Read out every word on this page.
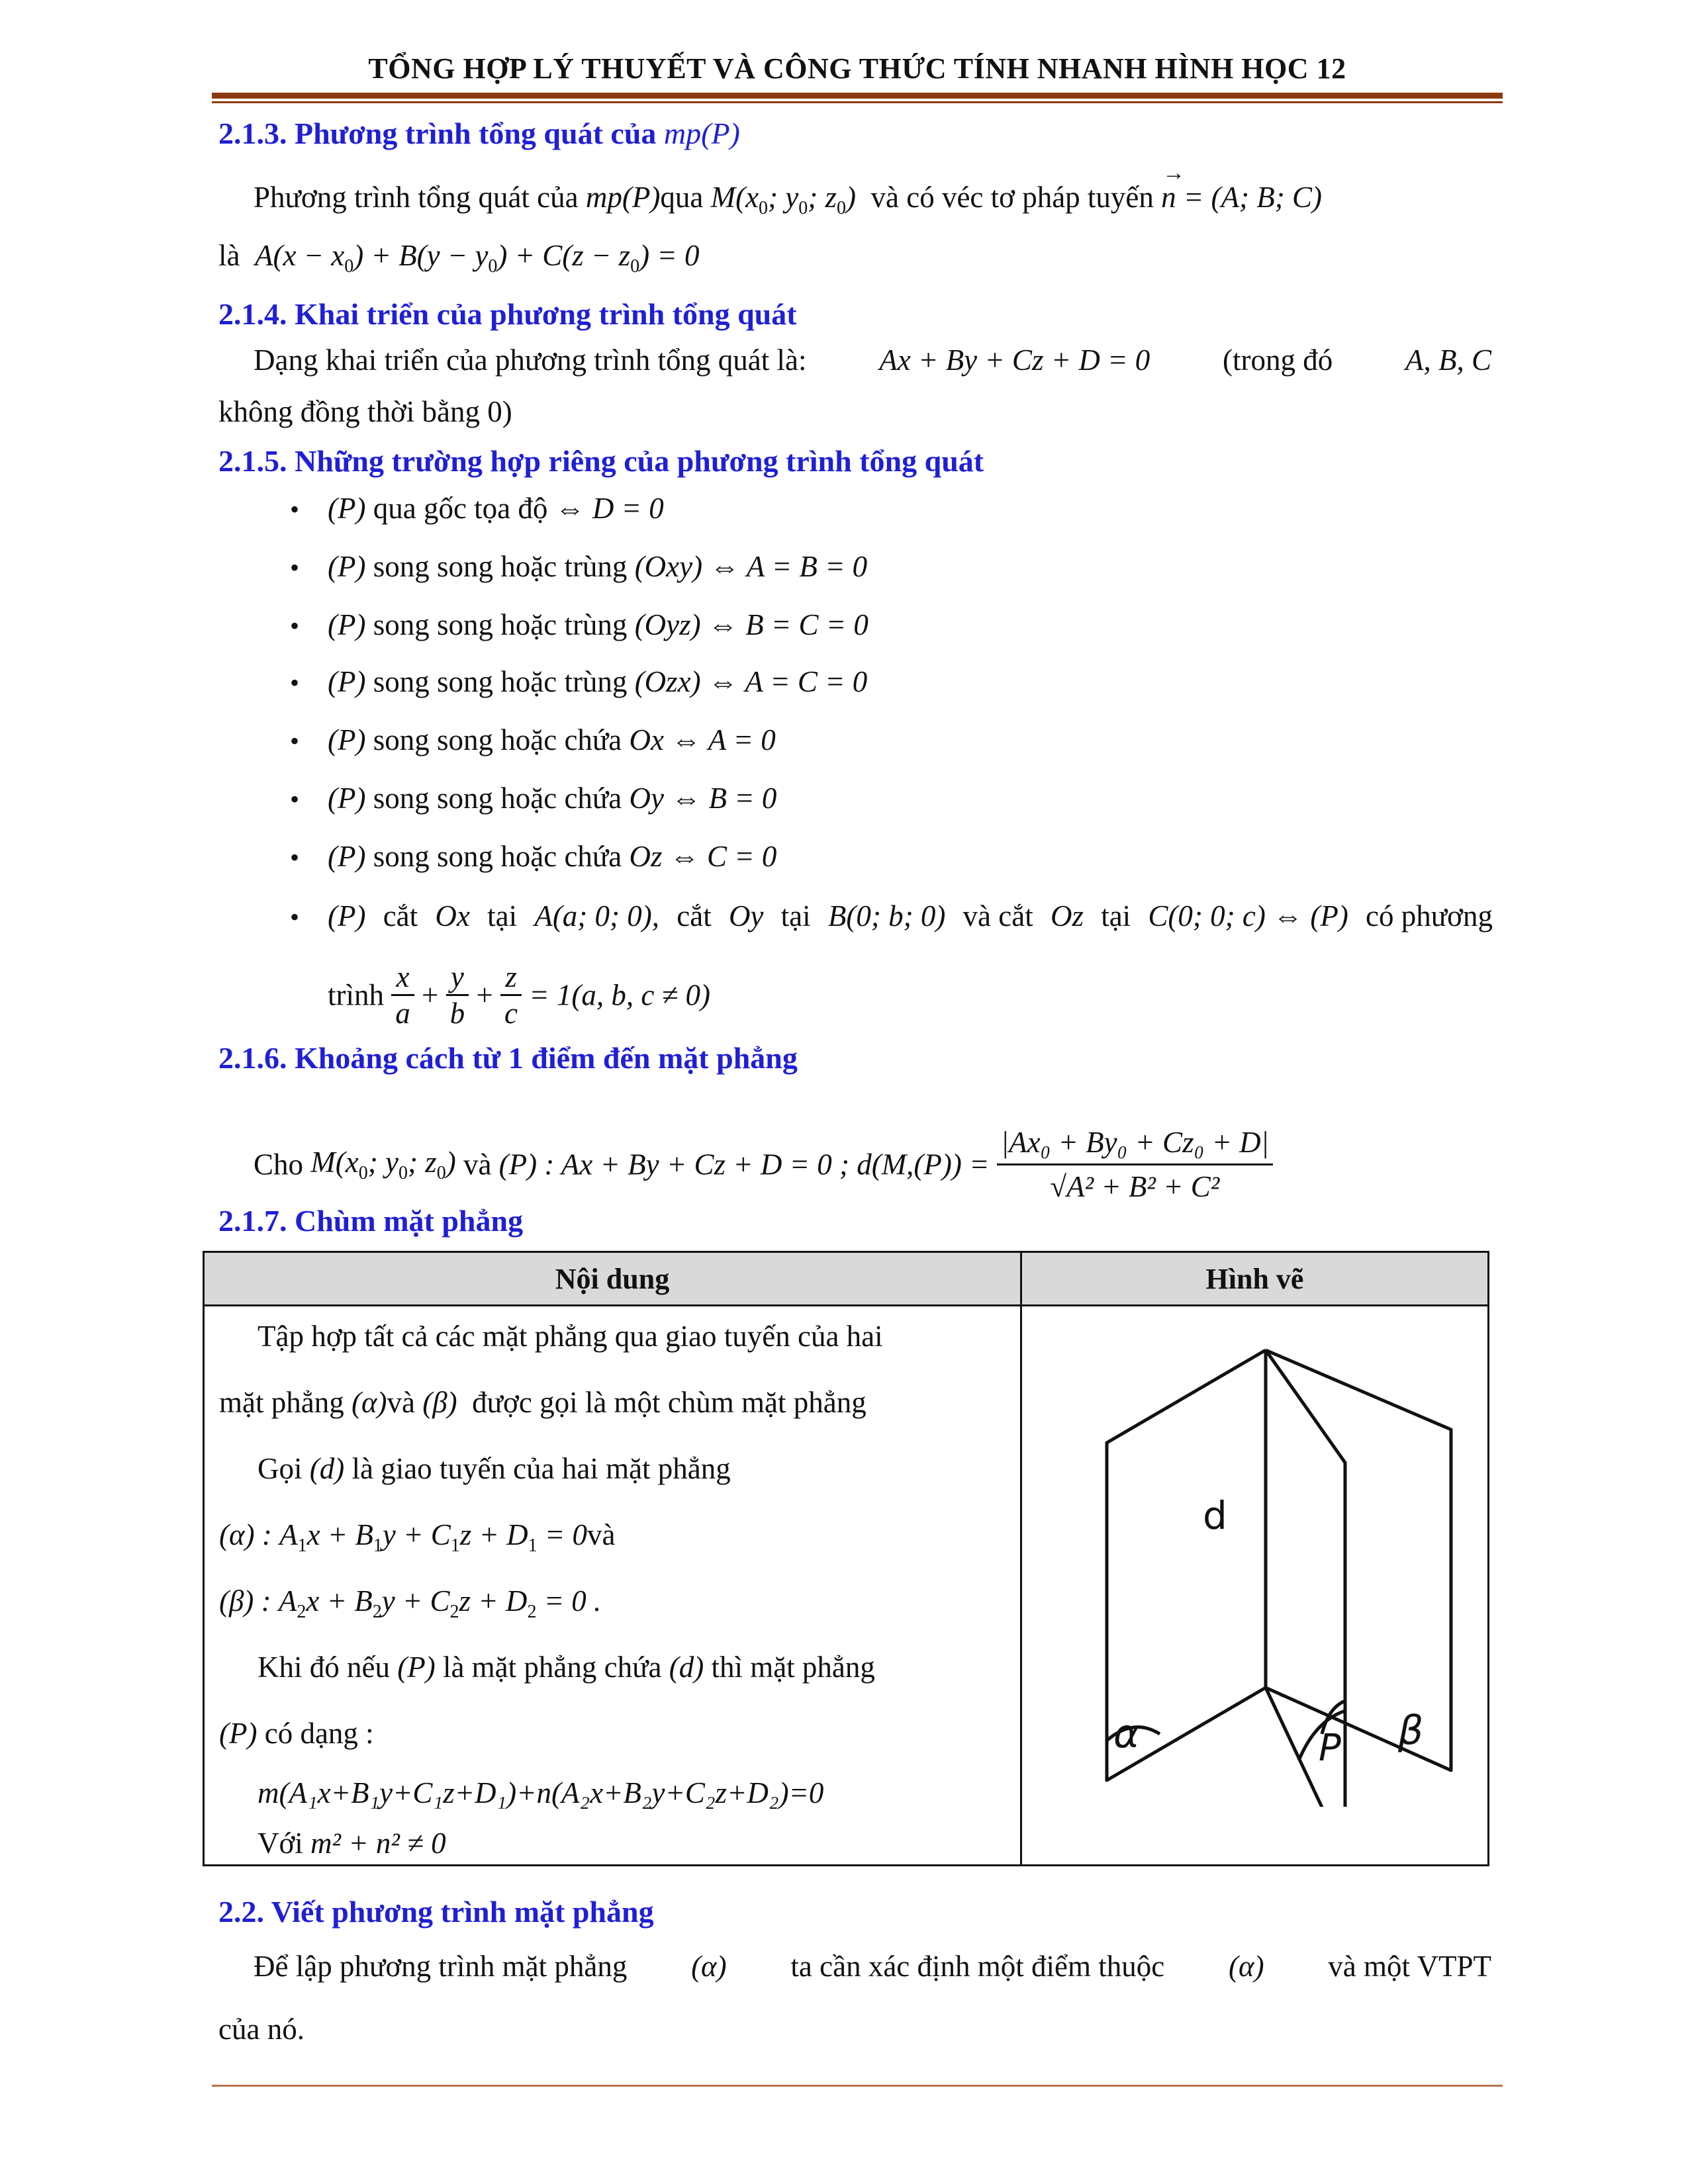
TỔNG HỢP LÝ THUYẾT VÀ CÔNG THỨC TÍNH NHANH HÌNH HỌC 12
2.1.3. Phương trình tổng quát của mp(P)
Phương trình tổng quát của mp(P)qua $M(x_0$; $y_0$; $z_0$) và có véc tơ pháp tuyến
→
n = (A; B; C)
là $A(x - x_0) + B(y - y_0) + C(z - z_0) = 0$
2.1.4. Khai triển của phương trình tổng quát
Dạng khai triển của phương trình tổng quát là: Ax + By + Cz + D = 0 (trong đó A, B, C
không đồng thời bằng 0)
2.1.5. Những trường hợp riêng của phương trình tổng quát
• (P) qua gốc tọa độ ⇔ D = 0
• (P) song song hoặc trùng (Oxy) ⇔ A = B = 0
• (P) song song hoặc trùng (Oyz) ⇔ B = C = 0
• (P) song song hoặc trùng (Ozx) ⇔ A = C = 0
• (P) song song hoặc chứa Ox ⇔ A = 0
• (P) song song hoặc chứa Oy ⇔ B = 0
• (P) song song hoặc chứa Oz ⇔ C = 0
(P) cắt Ox tại A(a; 0; 0), cắt Oy tại B(0; b; 0) và cắt Oz tại C(0; 0; c) ⇔ (P) có phương
•
trình $\frac{x}{a} + \frac{y}{b} + \frac{z}{c} = 1(a$, b, c ≠ 0)
2.1.6. Khoảng cách từ 1 điểm đến mặt phẳng
Cho $M(x_0$; $y_0$; $z_0$) và (P) : Ax + By + Cz + D = 0 ; $d(M,(P)) = \frac{\text{|Ax₀ + By₀ + Cz₀ + D|}}{\text{√A² + B² + C²}}$
2.1.7. Chùm mặt phẳng
Nội dung	Hình vẽ
Tập hợp tất cả các mặt phẳng qua giao tuyến của hai
mặt phẳng (α)và (β) được gọi là một chùm mặt phẳng
Gọi (d) là giao tuyến của hai mặt phẳng
(α) : $A_1x + B_1y + C_1z + D_1$ = 0và
(β) : $A_2x + B_2y + C_2z + D_2 = 0$ .
Khi đó nếu (P) là mặt phẳng chứa (d) thì mặt phẳng
(P) có dạng :
m(A₁x+B₁y+C₁z+D₁)+n(A₂x+B₂y+C₂z+D₂)=0
Với m² + n² ≠ 0
d
α	β
P
2.2. Viết phương trình mặt phẳng
Để lập phương trình mặt phẳng (α) ta cần xác định một điểm thuộc (α) và một VTPT
của nó.
